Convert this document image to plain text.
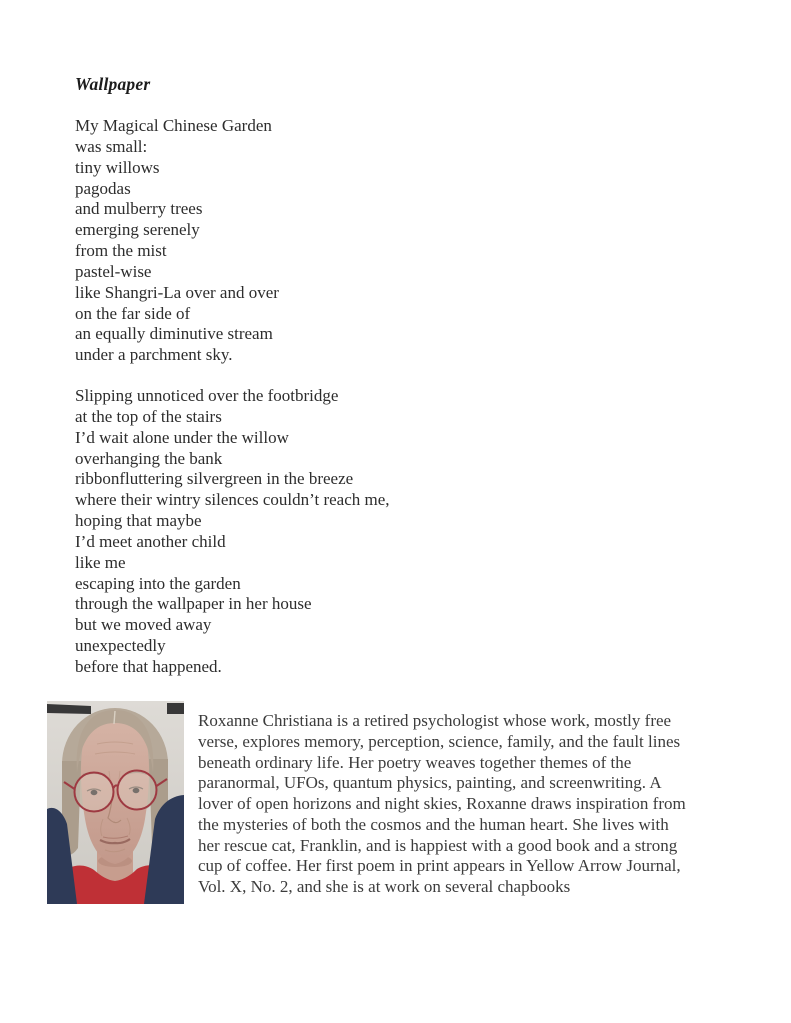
Wallpaper
My Magical Chinese Garden
was small:
tiny willows
pagodas
and mulberry trees
emerging serenely
from the mist
pastel-wise
like Shangri-La over and over
on the far side of
an equally diminutive stream
under a parchment sky.
Slipping unnoticed over the footbridge
at the top of the stairs
I’d wait alone under the willow
overhanging the bank
ribbonfluttering silvergreen in the breeze
where their wintry silences couldn’t reach me,
hoping that maybe
I’d meet another child
like me
escaping into the garden
through the wallpaper in her house
but we moved away
unexpectedly
before that happened.
Roxanne Christiana is a retired psychologist whose work, mostly free
verse, explores memory, perception, science, family, and the fault lines
beneath ordinary life. Her poetry weaves together themes of the
paranormal, UFOs, quantum physics, painting, and screenwriting. A
lover of open horizons and night skies, Roxanne draws inspiration from
the mysteries of both the cosmos and the human heart. She lives with
her rescue cat, Franklin, and is happiest with a good book and a strong
cup of coffee. Her first poem in print appears in Yellow Arrow Journal,
Vol. X, No. 2, and she is at work on several chapbooks
